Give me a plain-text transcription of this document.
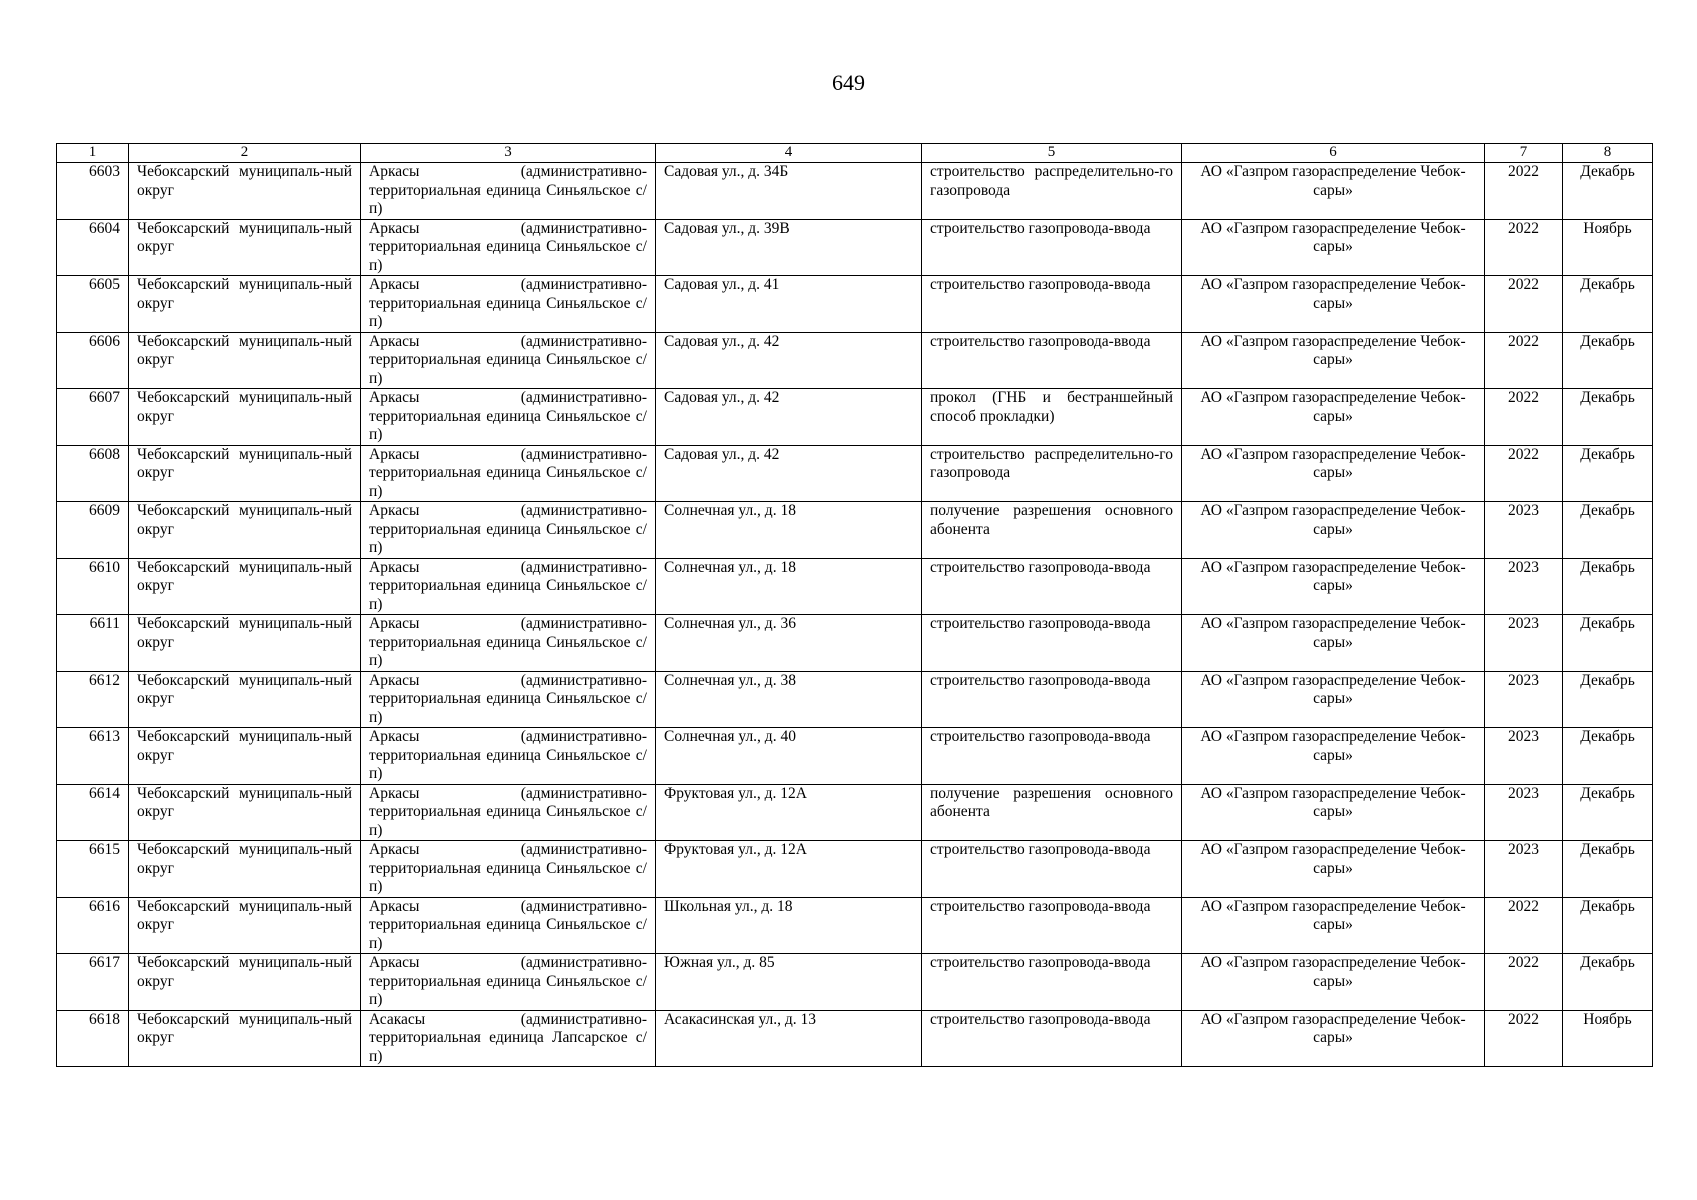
649
1	2	3	4	5	6	7	8
6603	Чебоксарский муниципаль-ный округ	Аркасы (административно-территориальная единица Синьяльское с/п)	Садовая ул., д. 34Б	строительство распределительно-го газопровода	АО «Газпром газораспределение Чебок-сары»	2022	Декабрь
6604	Чебоксарский муниципаль-ный округ	Аркасы (административно-территориальная единица Синьяльское с/п)	Садовая ул., д. 39В	строительство газопровода-ввода	АО «Газпром газораспределение Чебок-сары»	2022	Ноябрь
6605	Чебоксарский муниципаль-ный округ	Аркасы (административно-территориальная единица Синьяльское с/п)	Садовая ул., д. 41	строительство газопровода-ввода	АО «Газпром газораспределение Чебок-сары»	2022	Декабрь
6606	Чебоксарский муниципаль-ный округ	Аркасы (административно-территориальная единица Синьяльское с/п)	Садовая ул., д. 42	строительство газопровода-ввода	АО «Газпром газораспределение Чебок-сары»	2022	Декабрь
6607	Чебоксарский муниципаль-ный округ	Аркасы (административно-территориальная единица Синьяльское с/п)	Садовая ул., д. 42	прокол (ГНБ и бестраншейный способ прокладки)	АО «Газпром газораспределение Чебок-сары»	2022	Декабрь
6608	Чебоксарский муниципаль-ный округ	Аркасы (административно-территориальная единица Синьяльское с/п)	Садовая ул., д. 42	строительство распределительно-го газопровода	АО «Газпром газораспределение Чебок-сары»	2022	Декабрь
6609	Чебоксарский муниципаль-ный округ	Аркасы (административно-территориальная единица Синьяльское с/п)	Солнечная ул., д. 18	получение разрешения основного абонента	АО «Газпром газораспределение Чебок-сары»	2023	Декабрь
6610	Чебоксарский муниципаль-ный округ	Аркасы (административно-территориальная единица Синьяльское с/п)	Солнечная ул., д. 18	строительство газопровода-ввода	АО «Газпром газораспределение Чебок-сары»	2023	Декабрь
6611	Чебоксарский муниципаль-ный округ	Аркасы (административно-территориальная единица Синьяльское с/п)	Солнечная ул., д. 36	строительство газопровода-ввода	АО «Газпром газораспределение Чебок-сары»	2023	Декабрь
6612	Чебоксарский муниципаль-ный округ	Аркасы (административно-территориальная единица Синьяльское с/п)	Солнечная ул., д. 38	строительство газопровода-ввода	АО «Газпром газораспределение Чебок-сары»	2023	Декабрь
6613	Чебоксарский муниципаль-ный округ	Аркасы (административно-территориальная единица Синьяльское с/п)	Солнечная ул., д. 40	строительство газопровода-ввода	АО «Газпром газораспределение Чебок-сары»	2023	Декабрь
6614	Чебоксарский муниципаль-ный округ	Аркасы (административно-территориальная единица Синьяльское с/п)	Фруктовая ул., д. 12А	получение разрешения основного абонента	АО «Газпром газораспределение Чебок-сары»	2023	Декабрь
6615	Чебоксарский муниципаль-ный округ	Аркасы (административно-территориальная единица Синьяльское с/п)	Фруктовая ул., д. 12А	строительство газопровода-ввода	АО «Газпром газораспределение Чебок-сары»	2023	Декабрь
6616	Чебоксарский муниципаль-ный округ	Аркасы (административно-территориальная единица Синьяльское с/п)	Школьная ул., д. 18	строительство газопровода-ввода	АО «Газпром газораспределение Чебок-сары»	2022	Декабрь
6617	Чебоксарский муниципаль-ный округ	Аркасы (административно-территориальная единица Синьяльское с/п)	Южная ул., д. 85	строительство газопровода-ввода	АО «Газпром газораспределение Чебок-сары»	2022	Декабрь
6618	Чебоксарский муниципаль-ный округ	Асакасы (административно-территориальная единица Лапсарское с/п)	Асакасинская ул., д. 13	строительство газопровода-ввода	АО «Газпром газораспределение Чебок-сары»	2022	Ноябрь
